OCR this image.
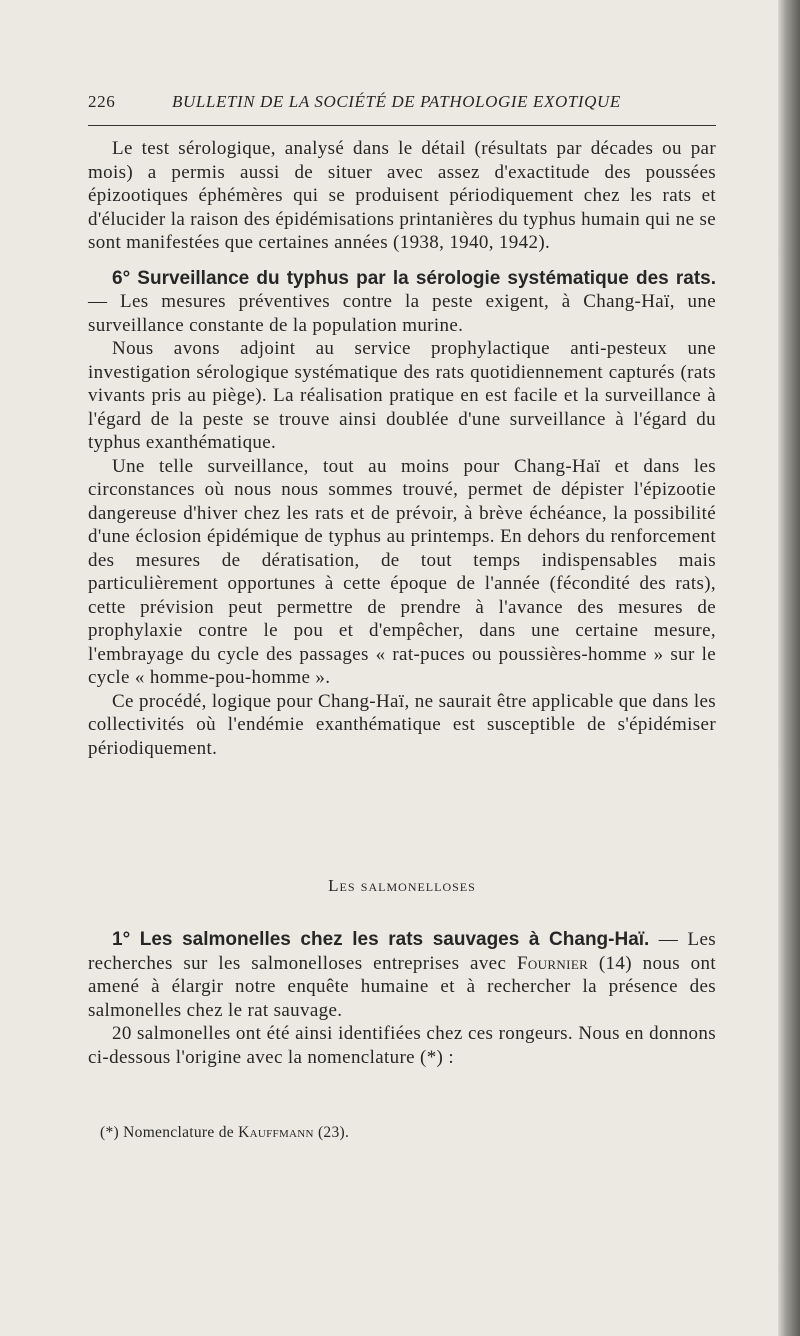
226	BULLETIN DE LA SOCIÉTÉ DE PATHOLOGIE EXOTIQUE

Le test sérologique, analysé dans le détail (résultats par décades ou par mois) a permis aussi de situer avec assez d'exactitude des poussées épizootiques éphémères qui se produisent périodiquement chez les rats et d'élucider la raison des épidémisations printanières du typhus humain qui ne se sont manifestées que certaines années (1938, 1940, 1942).

6° Surveillance du typhus par la sérologie systématique des rats. — Les mesures préventives contre la peste exigent, à Chang-Haï, une surveillance constante de la population murine.

Nous avons adjoint au service prophylactique anti-pesteux une investigation sérologique systématique des rats quotidiennement capturés (rats vivants pris au piège). La réalisation pratique en est facile et la surveillance à l'égard de la peste se trouve ainsi doublée d'une surveillance à l'égard du typhus exanthématique.

Une telle surveillance, tout au moins pour Chang-Haï et dans les circonstances où nous nous sommes trouvé, permet de dépister l'épizootie dangereuse d'hiver chez les rats et de prévoir, à brève échéance, la possibilité d'une éclosion épidémique de typhus au printemps. En dehors du renforcement des mesures de dératisation, de tout temps indispensables mais particulièrement opportunes à cette époque de l'année (fécondité des rats), cette prévision peut permettre de prendre à l'avance des mesures de prophylaxie contre le pou et d'empêcher, dans une certaine mesure, l'embrayage du cycle des passages « rat-puces ou poussières-homme » sur le cycle « homme-pou-homme ».

Ce procédé, logique pour Chang-Haï, ne saurait être applicable que dans les collectivités où l'endémie exanthématique est susceptible de s'épidémiser périodiquement.

Les salmonelloses

1° Les salmonelles chez les rats sauvages à Chang-Haï. — Les recherches sur les salmonelloses entreprises avec Fournier (14) nous ont amené à élargir notre enquête humaine et à rechercher la présence des salmonelles chez le rat sauvage.

20 salmonelles ont été ainsi identifiées chez ces rongeurs. Nous en donnons ci-dessous l'origine avec la nomenclature (*) :

(*) Nomenclature de Kauffmann (23).
